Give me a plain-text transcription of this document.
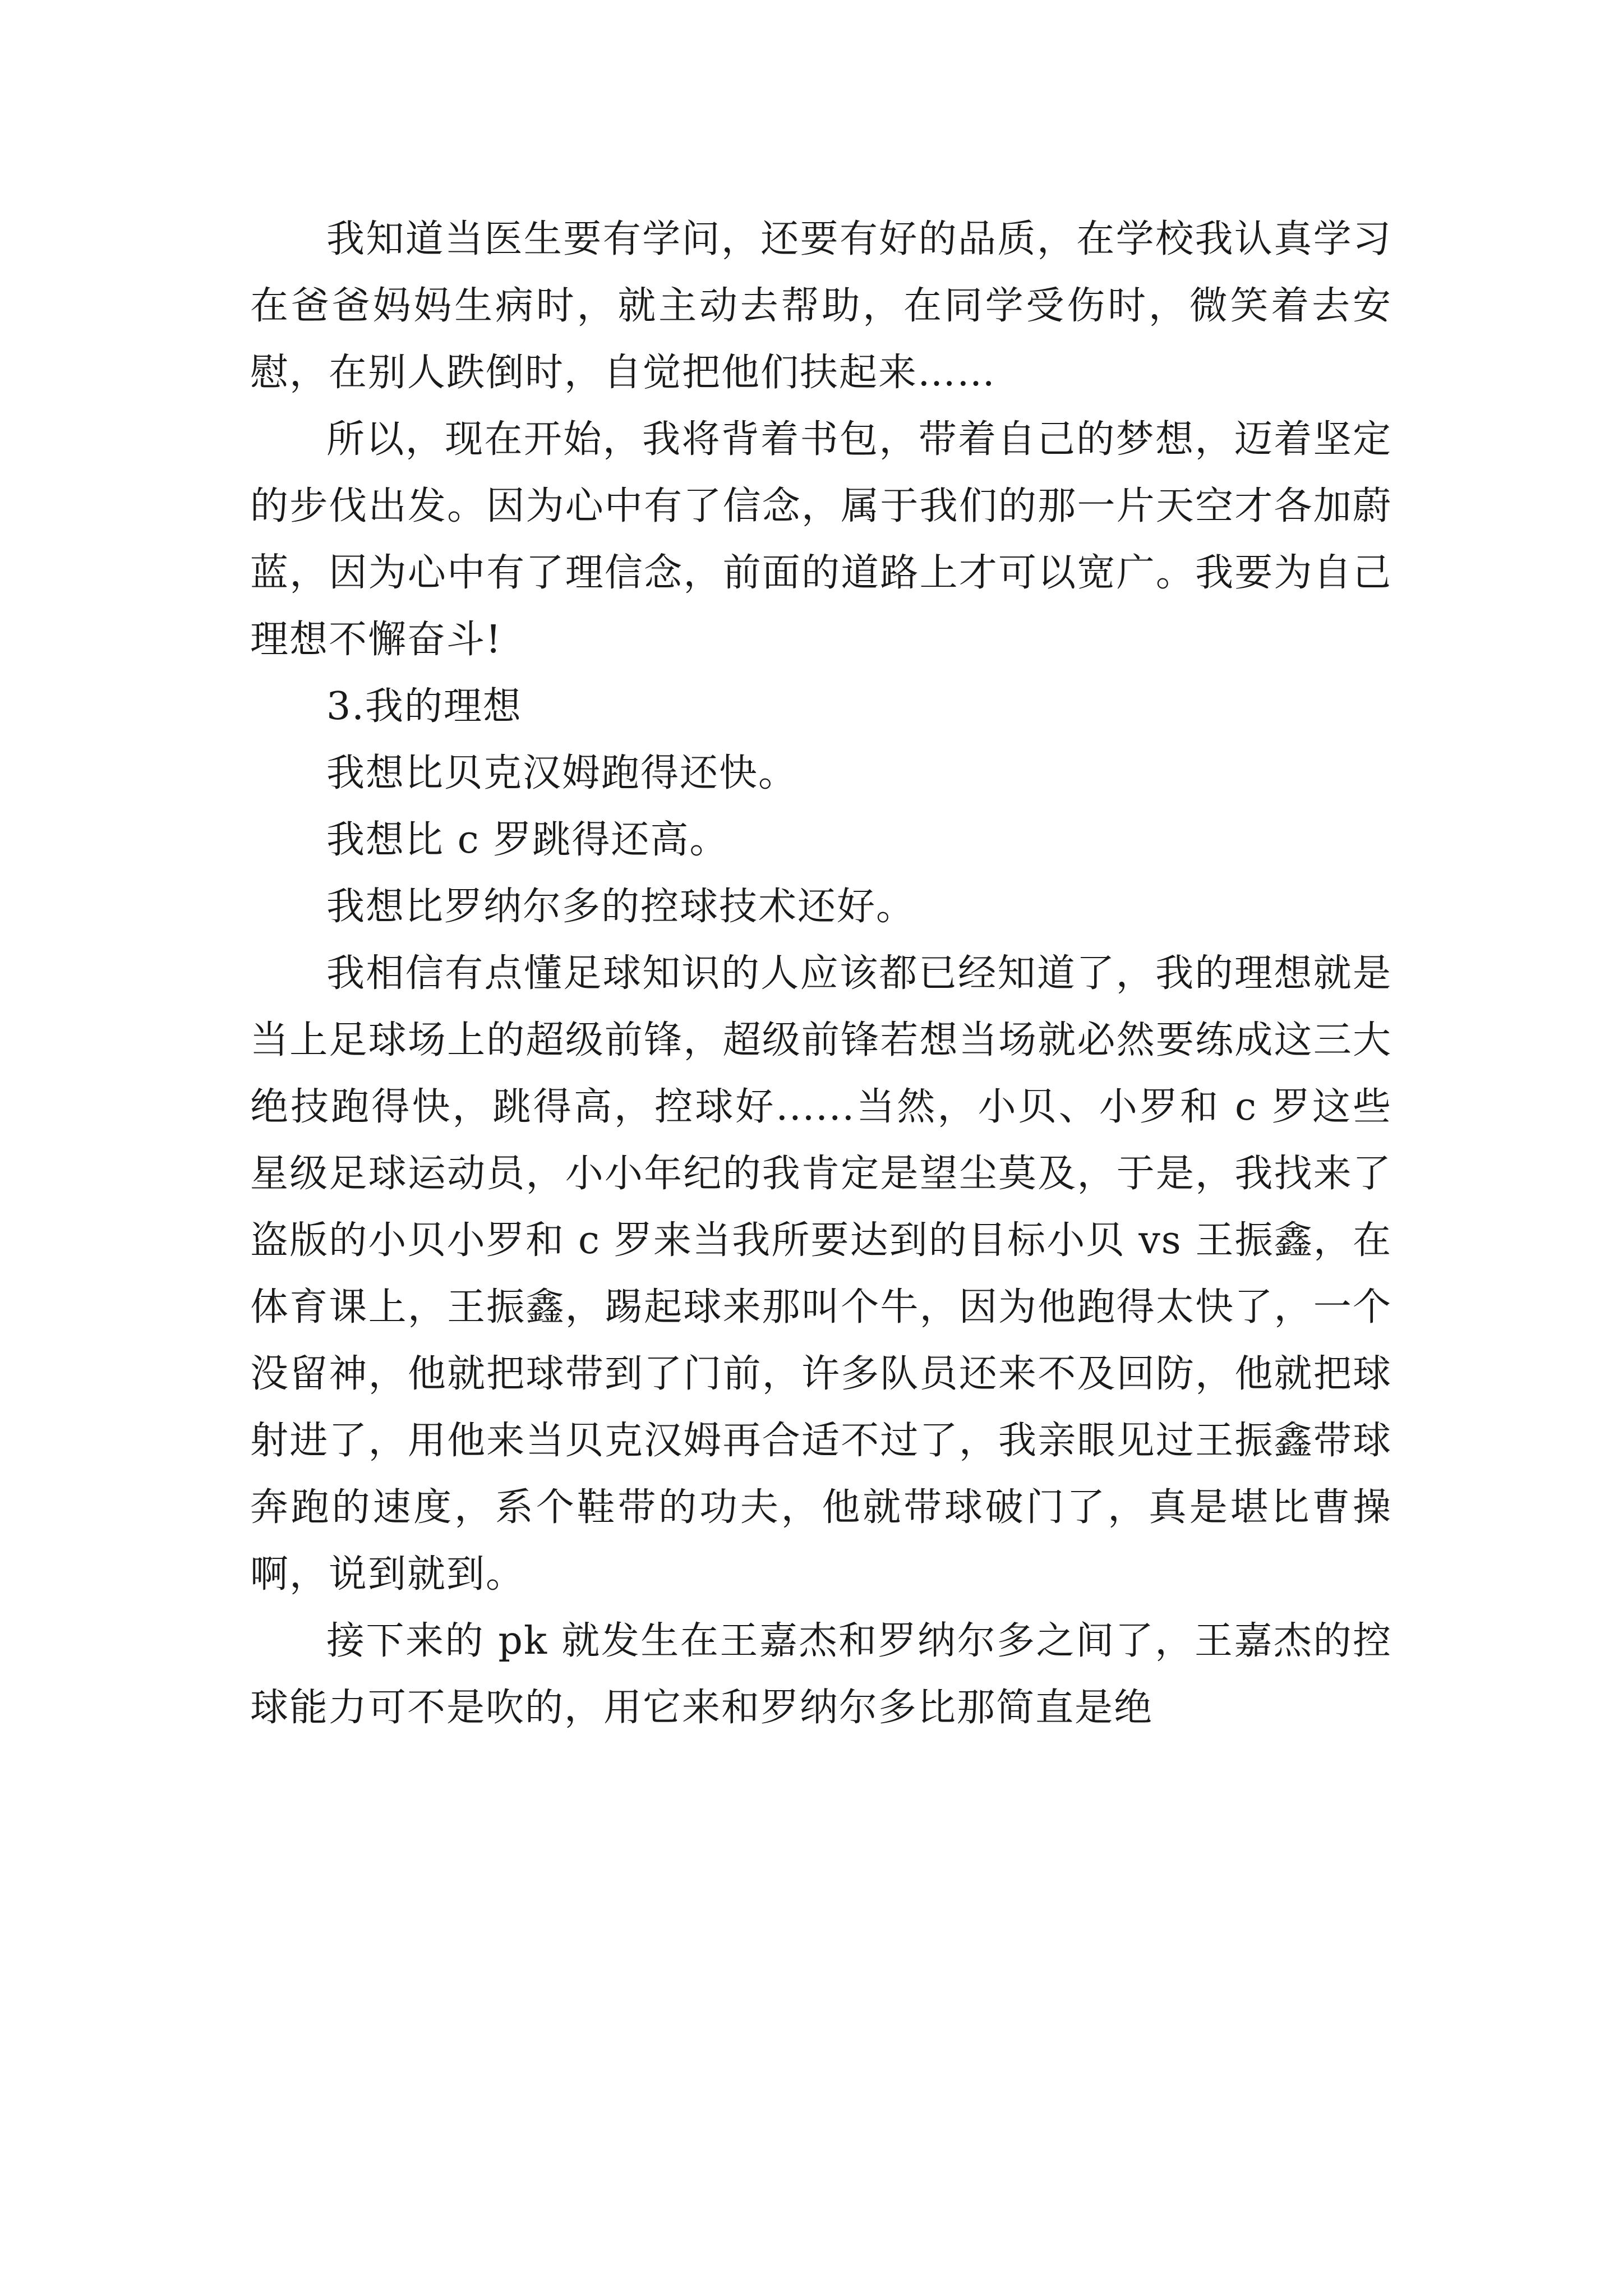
我知道当医生要有学问，还要有好的品质，在学校我认真学习在爸爸妈妈生病时，就主动去帮助，在同学受伤时，微笑着去安慰，在别人跌倒时，自觉把他们扶起来……

所以，现在开始，我将背着书包，带着自己的梦想，迈着坚定的步伐出发。因为心中有了信念，属于我们的那一片天空才各加蔚蓝，因为心中有了理信念，前面的道路上才可以宽广。我要为自己理想不懈奋斗!

3.我的理想

我想比贝克汉姆跑得还快。

我想比 c 罗跳得还高。

我想比罗纳尔多的控球技术还好。

我相信有点懂足球知识的人应该都已经知道了，我的理想就是当上足球场上的超级前锋，超级前锋若想当场就必然要练成这三大绝技跑得快，跳得高，控球好......当然，小贝、小罗和 c 罗这些星级足球运动员，小小年纪的我肯定是望尘莫及，于是，我找来了盗版的小贝小罗和 c 罗来当我所要达到的目标小贝 vs 王振鑫，在体育课上，王振鑫，踢起球来那叫个牛，因为他跑得太快了，一个没留神，他就把球带到了门前，许多队员还来不及回防，他就把球射进了，用他来当贝克汉姆再合适不过了，我亲眼见过王振鑫带球奔跑的速度，系个鞋带的功夫，他就带球破门了，真是堪比曹操啊，说到就到。

接下来的 pk 就发生在王嘉杰和罗纳尔多之间了，王嘉杰的控球能力可不是吹的，用它来和罗纳尔多比那简直是绝
